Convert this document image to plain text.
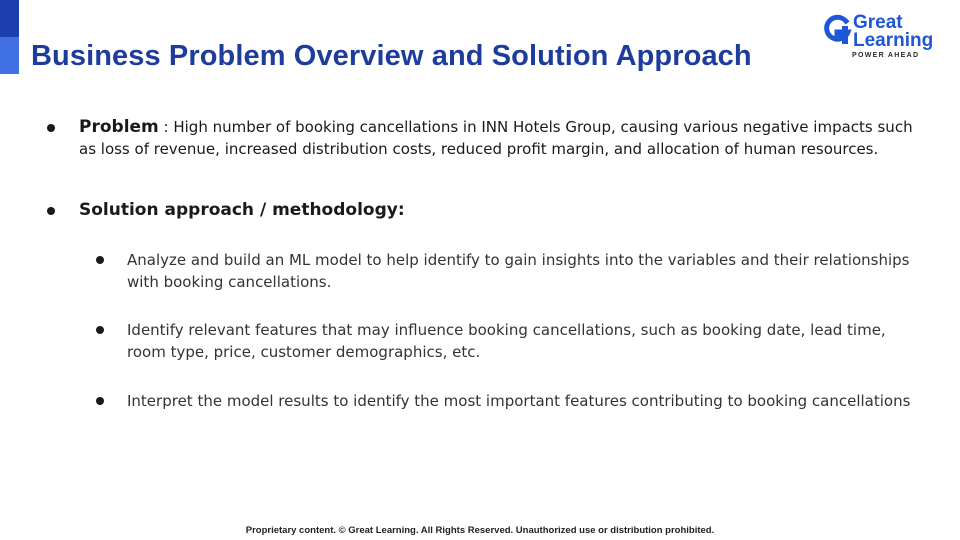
Business Problem Overview and Solution Approach
Great
Learning
POWER AHEAD
Problem : High number of booking cancellations in INN Hotels Group, causing various negative impacts such as loss of revenue, increased distribution costs, reduced profit margin, and allocation of human resources.
Solution approach / methodology:
Analyze and build an ML model to help identify to gain insights into the variables and their relationships with booking cancellations.
Identify relevant features that may influence booking cancellations, such as booking date, lead time, room type, price, customer demographics, etc.
Interpret the model results to identify the most important features contributing to booking cancellations
Proprietary content. © Great Learning. All Rights Reserved. Unauthorized use or distribution prohibited.
